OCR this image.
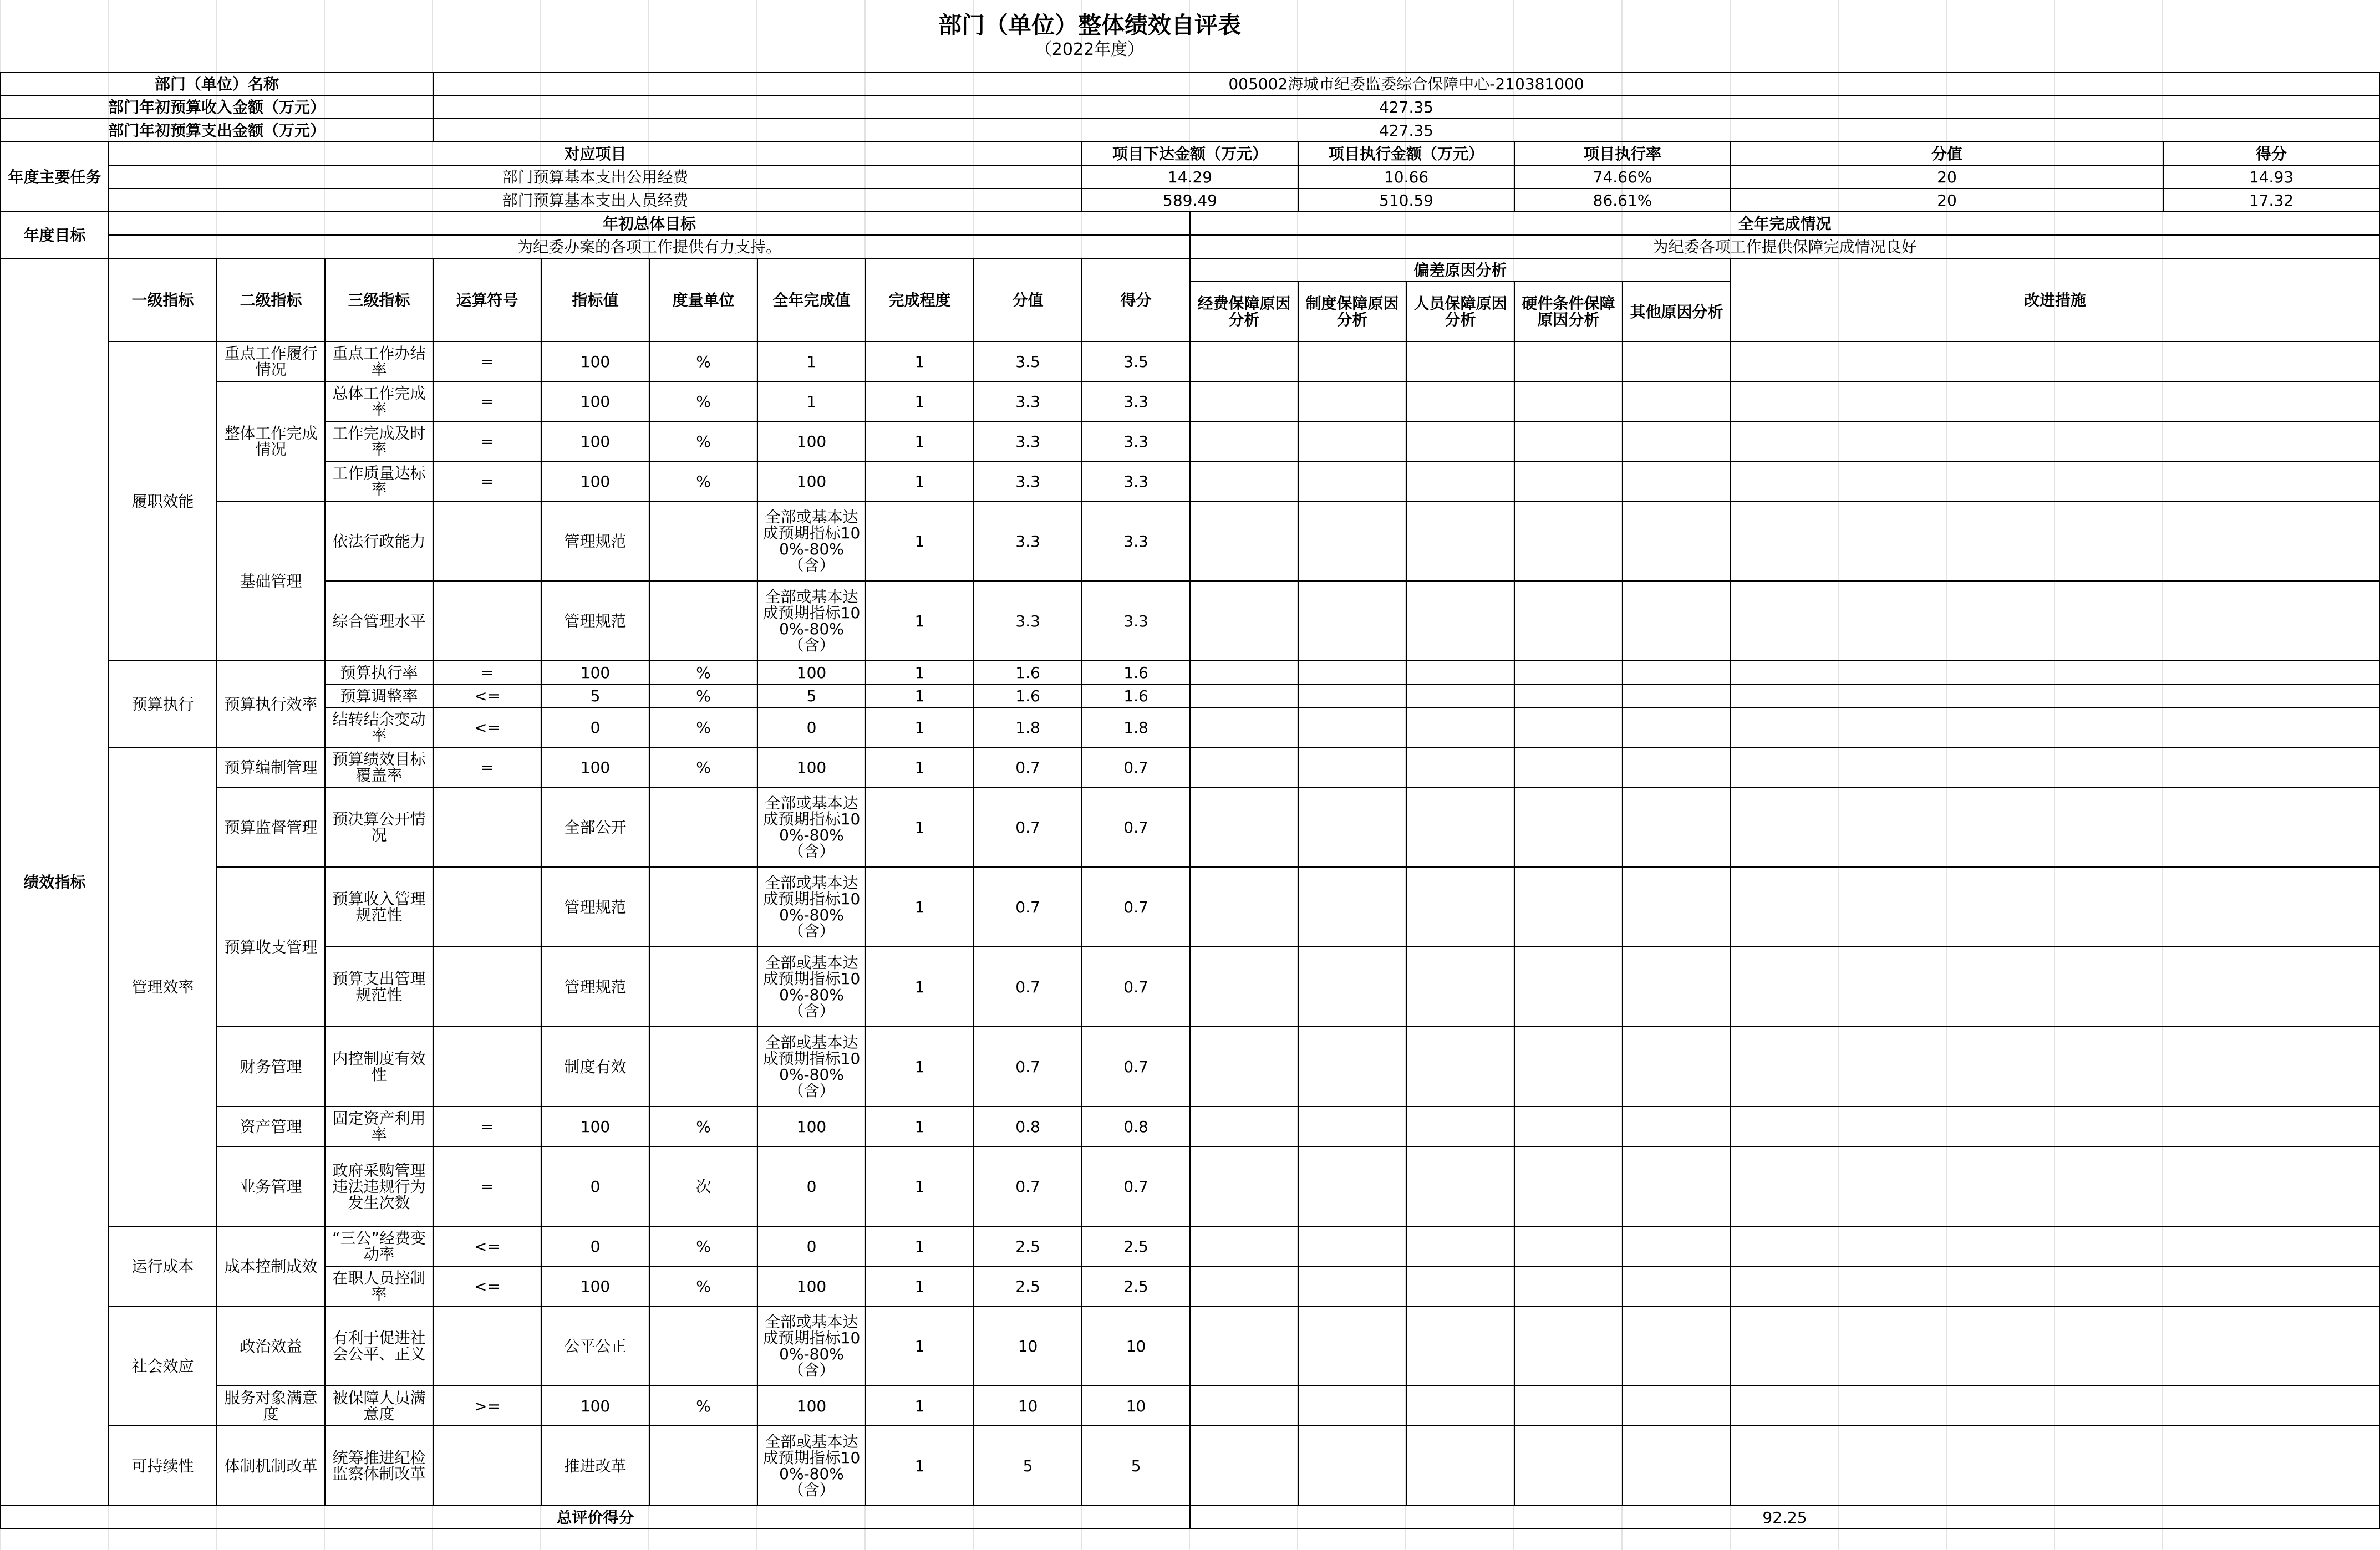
部门（单位）整体绩效自评表
（2022年度）
部门（单位）名称				005002海城市纪委监委综合保障中心-210381000													
部门年初预算收入金额（万元）				427.35													
部门年初预算支出金额（万元）				427.35													
年度主要任务	对应项目									项目下达金额（万元）		项目执行金额（万元）		项目执行率		分值	得分
	部门预算基本支出公用经费									14.29		10.66		74.66%		20	14.93
	部门预算基本支出人员经费									589.49		510.59		86.61%		20	17.32
年度目标	年初总体目标										全年完成情况						
	为纪委办案的各项工作提供有力支持。										为纪委各项工作提供保障完成情况良好						
绩效指标	一级指标	二级指标	三级指标	运算符号	指标值	度量单位	全年完成值	完成程度	分值	得分	偏差原因分析					改进措施	
											经费保障原因分析	制度保障原因分析	人员保障原因分析	硬件条件保障原因分析	其他原因分析		
	履职效能	重点工作履行情况	重点工作办结率	=	100	%	1	1	3.5	3.5							
		整体工作完成情况	总体工作完成率	=	100	%	1	1	3.3	3.3							
			工作完成及时率	=	100	%	100	1	3.3	3.3							
			工作质量达标率	=	100	%	100	1	3.3	3.3							
		基础管理	依法行政能力		管理规范		全部或基本达成预期指标100%-80%（含）	1	3.3	3.3							
			综合管理水平		管理规范		全部或基本达成预期指标100%-80%（含）	1	3.3	3.3							
	预算执行	预算执行效率	预算执行率	=	100	%	100	1	1.6	1.6							
			预算调整率	<=	5	%	5	1	1.6	1.6							
			结转结余变动率	<=	0	%	0	1	1.8	1.8							
	管理效率	预算编制管理	预算绩效目标覆盖率	=	100	%	100	1	0.7	0.7							
		预算监督管理	预决算公开情况		全部公开		全部或基本达成预期指标100%-80%（含）	1	0.7	0.7							
		预算收支管理	预算收入管理规范性		管理规范		全部或基本达成预期指标100%-80%（含）	1	0.7	0.7							
			预算支出管理规范性		管理规范		全部或基本达成预期指标100%-80%（含）	1	0.7	0.7							
		财务管理	内控制度有效性		制度有效		全部或基本达成预期指标100%-80%（含）	1	0.7	0.7							
		资产管理	固定资产利用率	=	100	%	100	1	0.8	0.8							
		业务管理	政府采购管理违法违规行为发生次数	=	0	次	0	1	0.7	0.7							
	运行成本	成本控制成效	“三公”经费变动率	<=	0	%	0	1	2.5	2.5							
			在职人员控制率	<=	100	%	100	1	2.5	2.5							
	社会效应	政治效益	有利于促进社会公平、正义		公平公正		全部或基本达成预期指标100%-80%（含）	1	10	10							
		服务对象满意度	被保障人员满意度	>=	100	%	100	1	10	10							
	可持续性	体制机制改革	统筹推进纪检监察体制改革		推进改革		全部或基本达成预期指标100%-80%（含）	1	5	5							
总评价得分											92.25						
